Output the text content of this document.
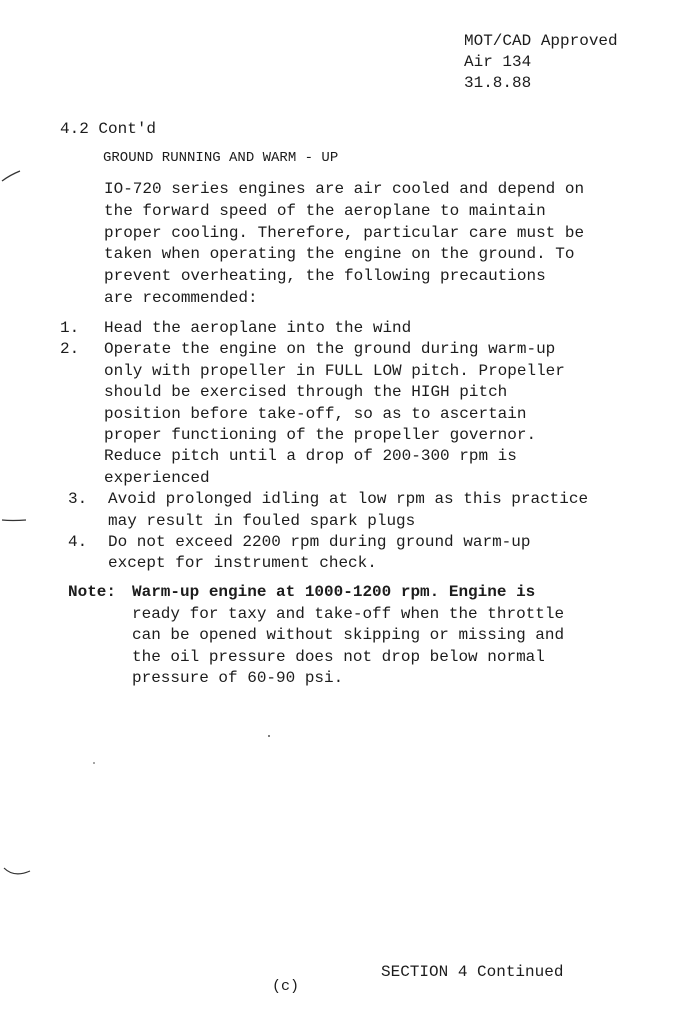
MOT/CAD Approved
Air 134
31.8.88
4.2 Cont'd
GROUND RUNNING AND WARM - UP
IO-720 series engines are air cooled and depend on
the forward speed of the aeroplane to maintain
proper cooling. Therefore, particular care must be
taken when operating the engine on the ground. To
prevent overheating, the following precautions
are recommended:
1. Head the aeroplane into the wind
2. Operate the engine on the ground during warm-up
only with propeller in FULL LOW pitch. Propeller
should be exercised through the HIGH pitch
position before take-off, so as to ascertain
proper functioning of the propeller governor.
Reduce pitch until a drop of 200-300 rpm is
experienced
3. Avoid prolonged idling at low rpm as this practice
may result in fouled spark plugs
4. Do not exceed 2200 rpm during ground warm-up
except for instrument check.
Note: Warm-up engine at 1000-1200 rpm. Engine is
ready for taxy and take-off when the throttle
can be opened without skipping or missing and
the oil pressure does not drop below normal
pressure of 60-90 psi.
(c)
SECTION 4 Continued
